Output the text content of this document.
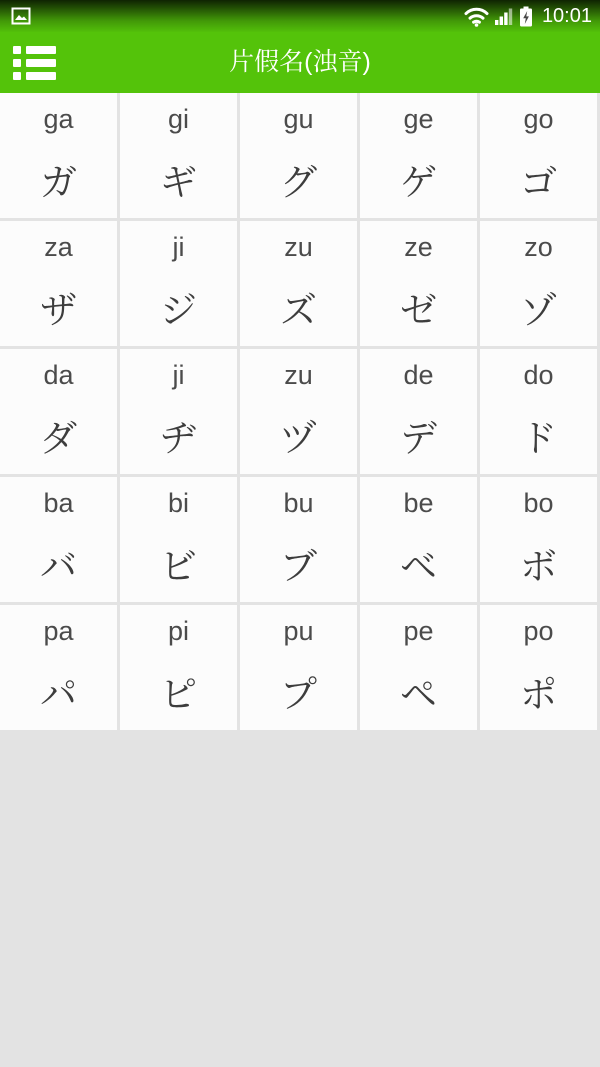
10:01
片假名(浊音)
ga
ガ
gi
ギ
gu
グ
ge
ゲ
go
ゴ
za
ザ
ji
ジ
zu
ズ
ze
ゼ
zo
ゾ
da
ダ
ji
ヂ
zu
ヅ
de
デ
do
ド
ba
バ
bi
ビ
bu
ブ
be
ベ
bo
ボ
pa
パ
pi
ピ
pu
プ
pe
ペ
po
ポ
